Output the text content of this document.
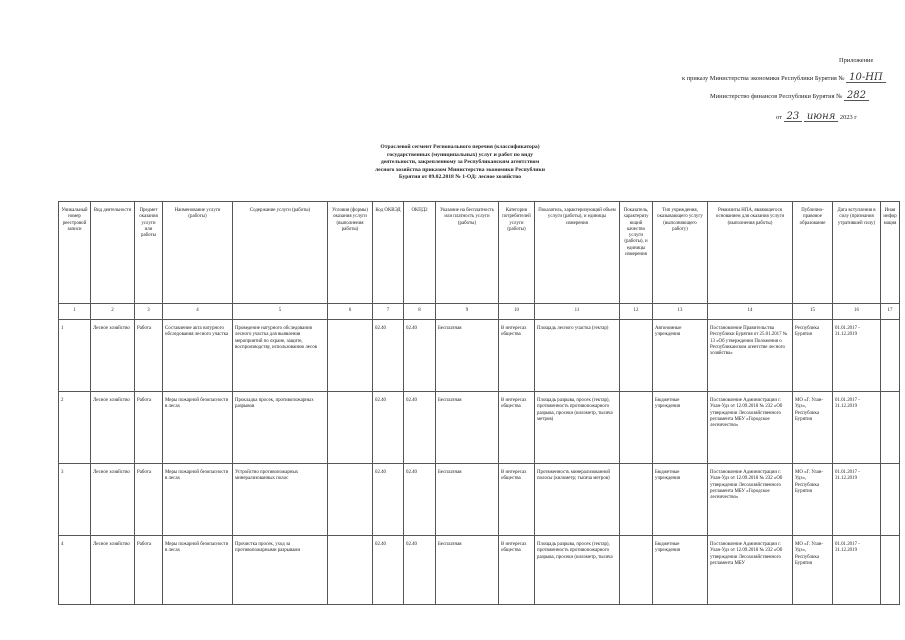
Приложение
к приказу Министерства экономики Республики Бурятия № 10-НП
Министерство финансов Республики Бурятия № 282
от 23 июня 2023 г
Отраслевой сегмент Регионального перечня (классификатора)
государственных (муниципальных) услуг и работ по виду
деятельности, закрепленному за Республиканским агентством
лесного хозяйства приказом Министерства экономики Республики
Бурятия от 09.02.2018 № 1-ОД: лесное хозяйство
Уникальный номер реестровой записи	Вид деятельности	Предмет оказания услуги или работы	Наименование услуги (работы)	Содержание услуги (работы)	Условия (формы) оказания услуги (выполнения работы)	Код ОКВЭД	ОКПД2	Указание на бесплатность или платность услуги (работы)	Категории потребителей услуги (работы)	Показатель, характеризующий объем услуги (работы), и единицы измерения	Показатель, характеризующий качество услуги (работы), и единицы измерения	Тип учреждения, оказывающего услугу (выполняющего работу)	Реквизиты НПА, являющегося основанием для оказания услуги (выполнения работы)	Публично-правовое образование	Дата вступления в силу (признания утратившей силу)	Иная информация
1	2	3	4	5	6	7	8	9	10	11	12	13	14	15	16	17
1	Лесное хозяйство	Работа	Составление акта натурного обследования лесного участка	Проведение натурного обследования лесного участка для выявления мероприятий по охране, защите, воспроизводству, использованию лесов		02.40	02.40	Бесплатная	В интересах общества	Площадь лесного участка (гектар)		Автономные учреждения	Постановление Правительства Республики Бурятия от 25.01.2017 № 13 «Об утверждении Положения о Республиканском агентстве лесного хозяйства»	Республика Бурятия	01.01.2017 - 31.12.2019	
2	Лесное хозяйство	Работа	Меры пожарной безопасности в лесах	Прокладка просек, противопожарных разрывов		02.40	02.40	Бесплатная	В интересах общества	Площадь разрыва, просек (гектар), протяженность противопожарного разрыва, просеки (километр, тысяча метров)		Бюджетные учреждения	Постановление Администрации г. Улан-Удэ от 12.09.2018 № 232 «Об утверждении Лесохозяйственного регламента МБУ «Городское лесничество»	МО «Г. Улан-Удэ», Республика Бурятия	01.01.2017 - 31.12.2019	
3	Лесное хозяйство	Работа	Меры пожарной безопасности в лесах	Устройство противопожарных минерализованных полос		02.40	02.40	Бесплатная	В интересах общества	Протяженность минерализованной полосы (километр; тысяча метров)		Бюджетные учреждения	Постановление Администрации г. Улан-Удэ от 12.09.2018 № 232 «Об утверждении Лесохозяйственного регламента МБУ «Городское лесничество»	МО «Г. Улан-Удэ», Республика Бурятия	01.01.2017 - 31.12.2019	
4	Лесное хозяйство	Работа	Меры пожарной безопасности в лесах	Прочистка просек, уход за противопожарными разрывами		02.40	02.40	Бесплатная	В интересах общества	Площадь разрыва, просек (гектар), протяженность противопожарного разрыва, просеки (километр, тысяча		Бюджетные учреждения	Постановление Администрации г. Улан-Удэ от 12.09.2018 № 232 «Об утверждении Лесохозяйственного регламента МБУ	МО «Г. Улан-Удэ», Республика Бурятия	01.01.2017 - 31.12.2019	
